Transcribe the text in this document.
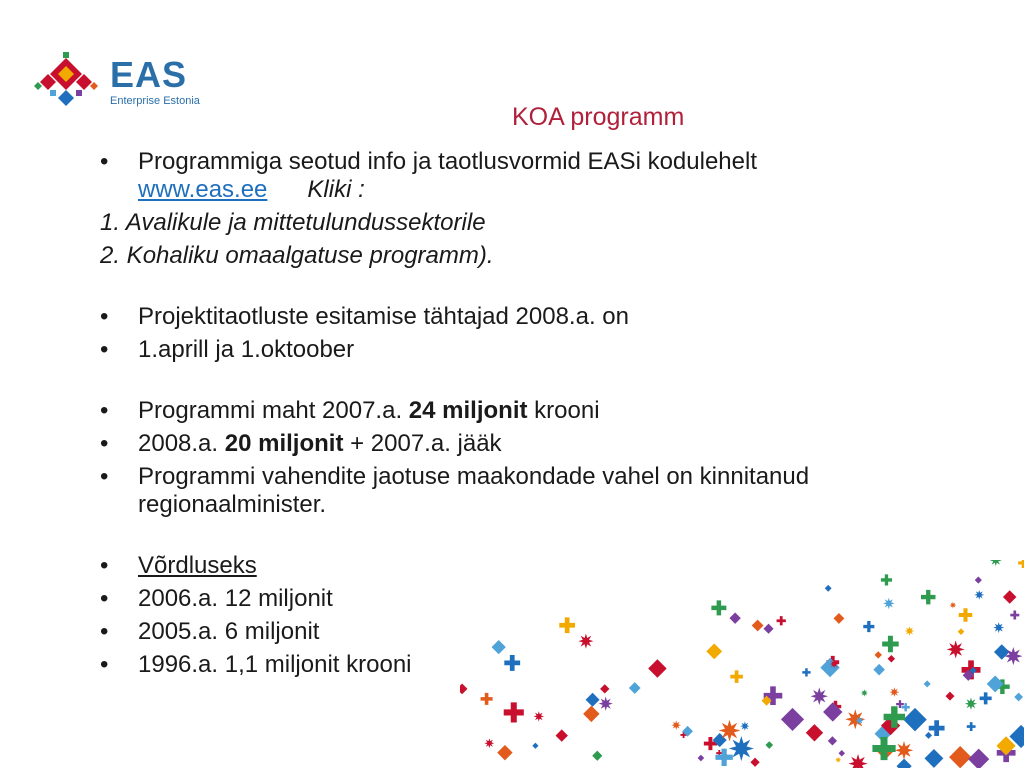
EAS
Enterprise Estonia
KOA programm
• Programmiga seotud info ja taotlusvormid EASi kodulehelt www.eas.ee Kliki :
1. Avalikule ja mittetulundussektorile
2. Kohaliku omaalgatuse programm).
• Projektitaotluste esitamise tähtajad 2008.a. on
• 1.aprill ja 1.oktoober
• Programmi maht 2007.a. 24 miljonit krooni
• 2008.a. 20 miljonit + 2007.a. jääk
• Programmi vahendite jaotuse maakondade vahel on kinnitanud regionaalminister.
• Võrdluseks
• 2006.a. 12 miljonit
• 2005.a. 6 miljonit
• 1996.a. 1,1 miljonit krooni
